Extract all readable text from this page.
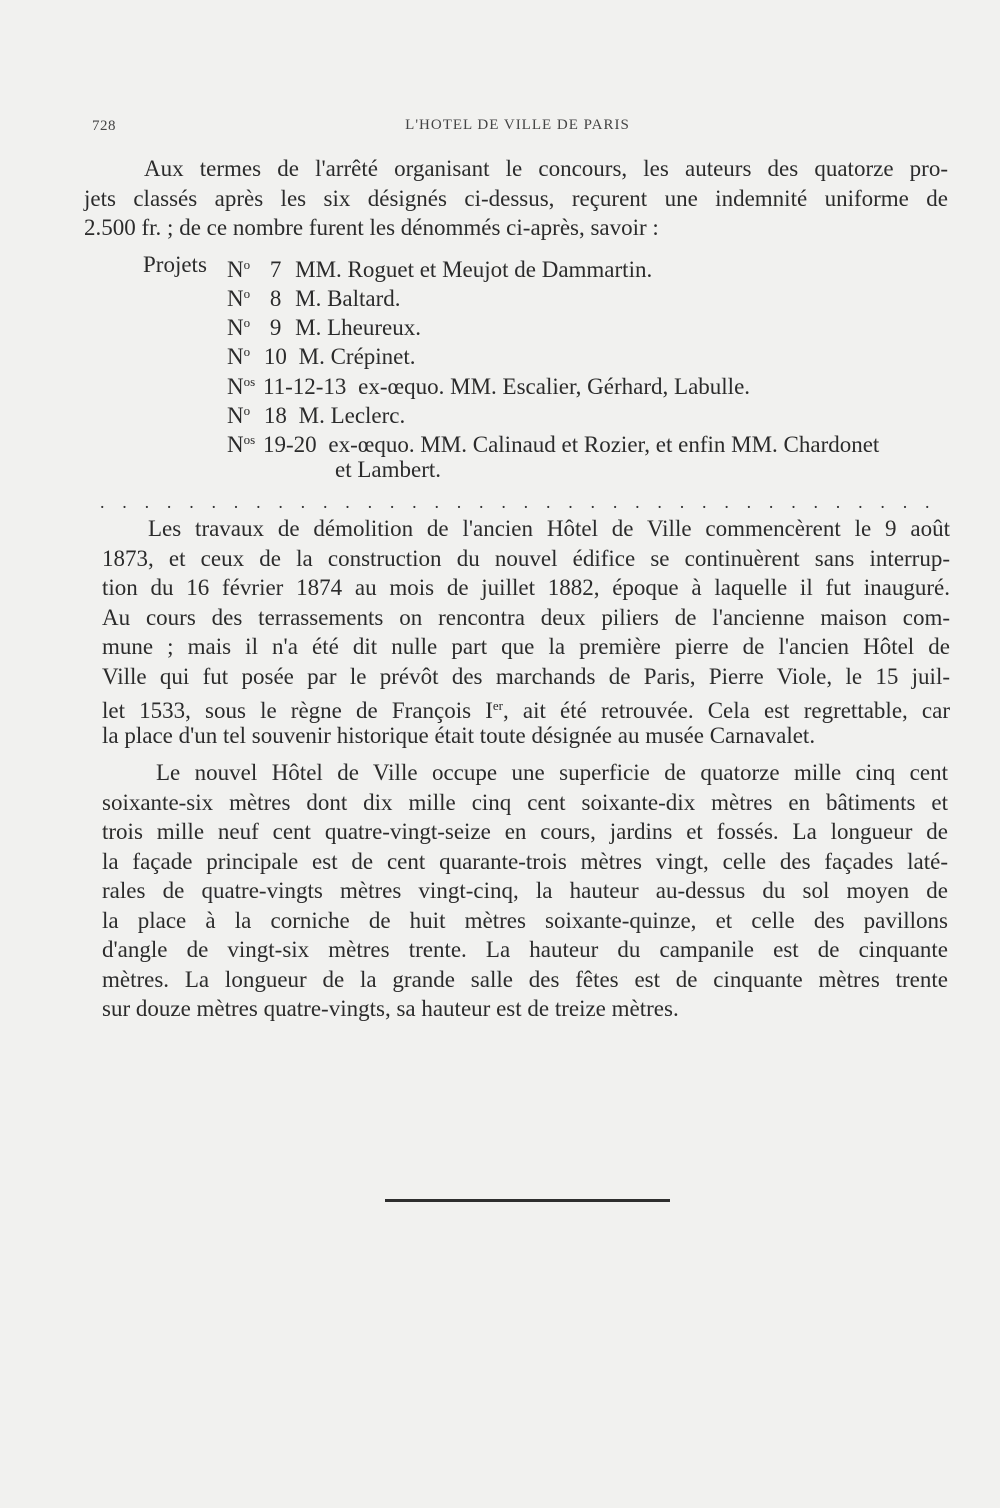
728	L'HOTEL DE VILLE DE PARIS
Aux termes de l'arrêté organisant le concours, les auteurs des quatorze pro-
jets classés après les six désignés ci-dessus, reçurent une indemnité uniforme de
2.500 fr. ; de ce nombre furent les dénommés ci-après, savoir :
Projets $N^o$ 7 MM. Roguet et Meujot de Dammartin.
$N^o$ 8 M. Baltard.
$N^o$ 9 M. Lheureux.
$N^o$ 10 M. Crépinet.
$N^{os}$ 11-12-13 ex-œquo. MM. Escalier, Gérhard, Labulle.
$N^o$ 18 M. Leclerc.
$N^{os}$ 19-20 ex-œquo. MM. Calinaud et Rozier, et enfin MM. Chardonet
et Lambert.
. . . . . . . . . . . . . . . . . . . . . . . . . . . . . . . . . . . . . .
Les travaux de démolition de l'ancien Hôtel de Ville commencèrent le 9 août
1873, et ceux de la construction du nouvel édifice se continuèrent sans interrup-
tion du 16 février 1874 au mois de juillet 1882, époque à laquelle il fut inauguré.
Au cours des terrassements on rencontra deux piliers de l'ancienne maison com-
mune ; mais il n'a été dit nulle part que la première pierre de l'ancien Hôtel de
Ville qui fut posée par le prévôt des marchands de Paris, Pierre Viole, le 15 juil-
let 1533, sous le règne de François Ier, ait été retrouvée. Cela est regrettable, car
la place d'un tel souvenir historique était toute désignée au musée Carnavalet.
Le nouvel Hôtel de Ville occupe une superficie de quatorze mille cinq cent
soixante-six mètres dont dix mille cinq cent soixante-dix mètres en bâtiments et
trois mille neuf cent quatre-vingt-seize en cours, jardins et fossés. La longueur de
la façade principale est de cent quarante-trois mètres vingt, celle des façades laté-
rales de quatre-vingts mètres vingt-cinq, la hauteur au-dessus du sol moyen de
la place à la corniche de huit mètres soixante-quinze, et celle des pavillons
d'angle de vingt-six mètres trente. La hauteur du campanile est de cinquante
mètres. La longueur de la grande salle des fêtes est de cinquante mètres trente
sur douze mètres quatre-vingts, sa hauteur est de treize mètres.
